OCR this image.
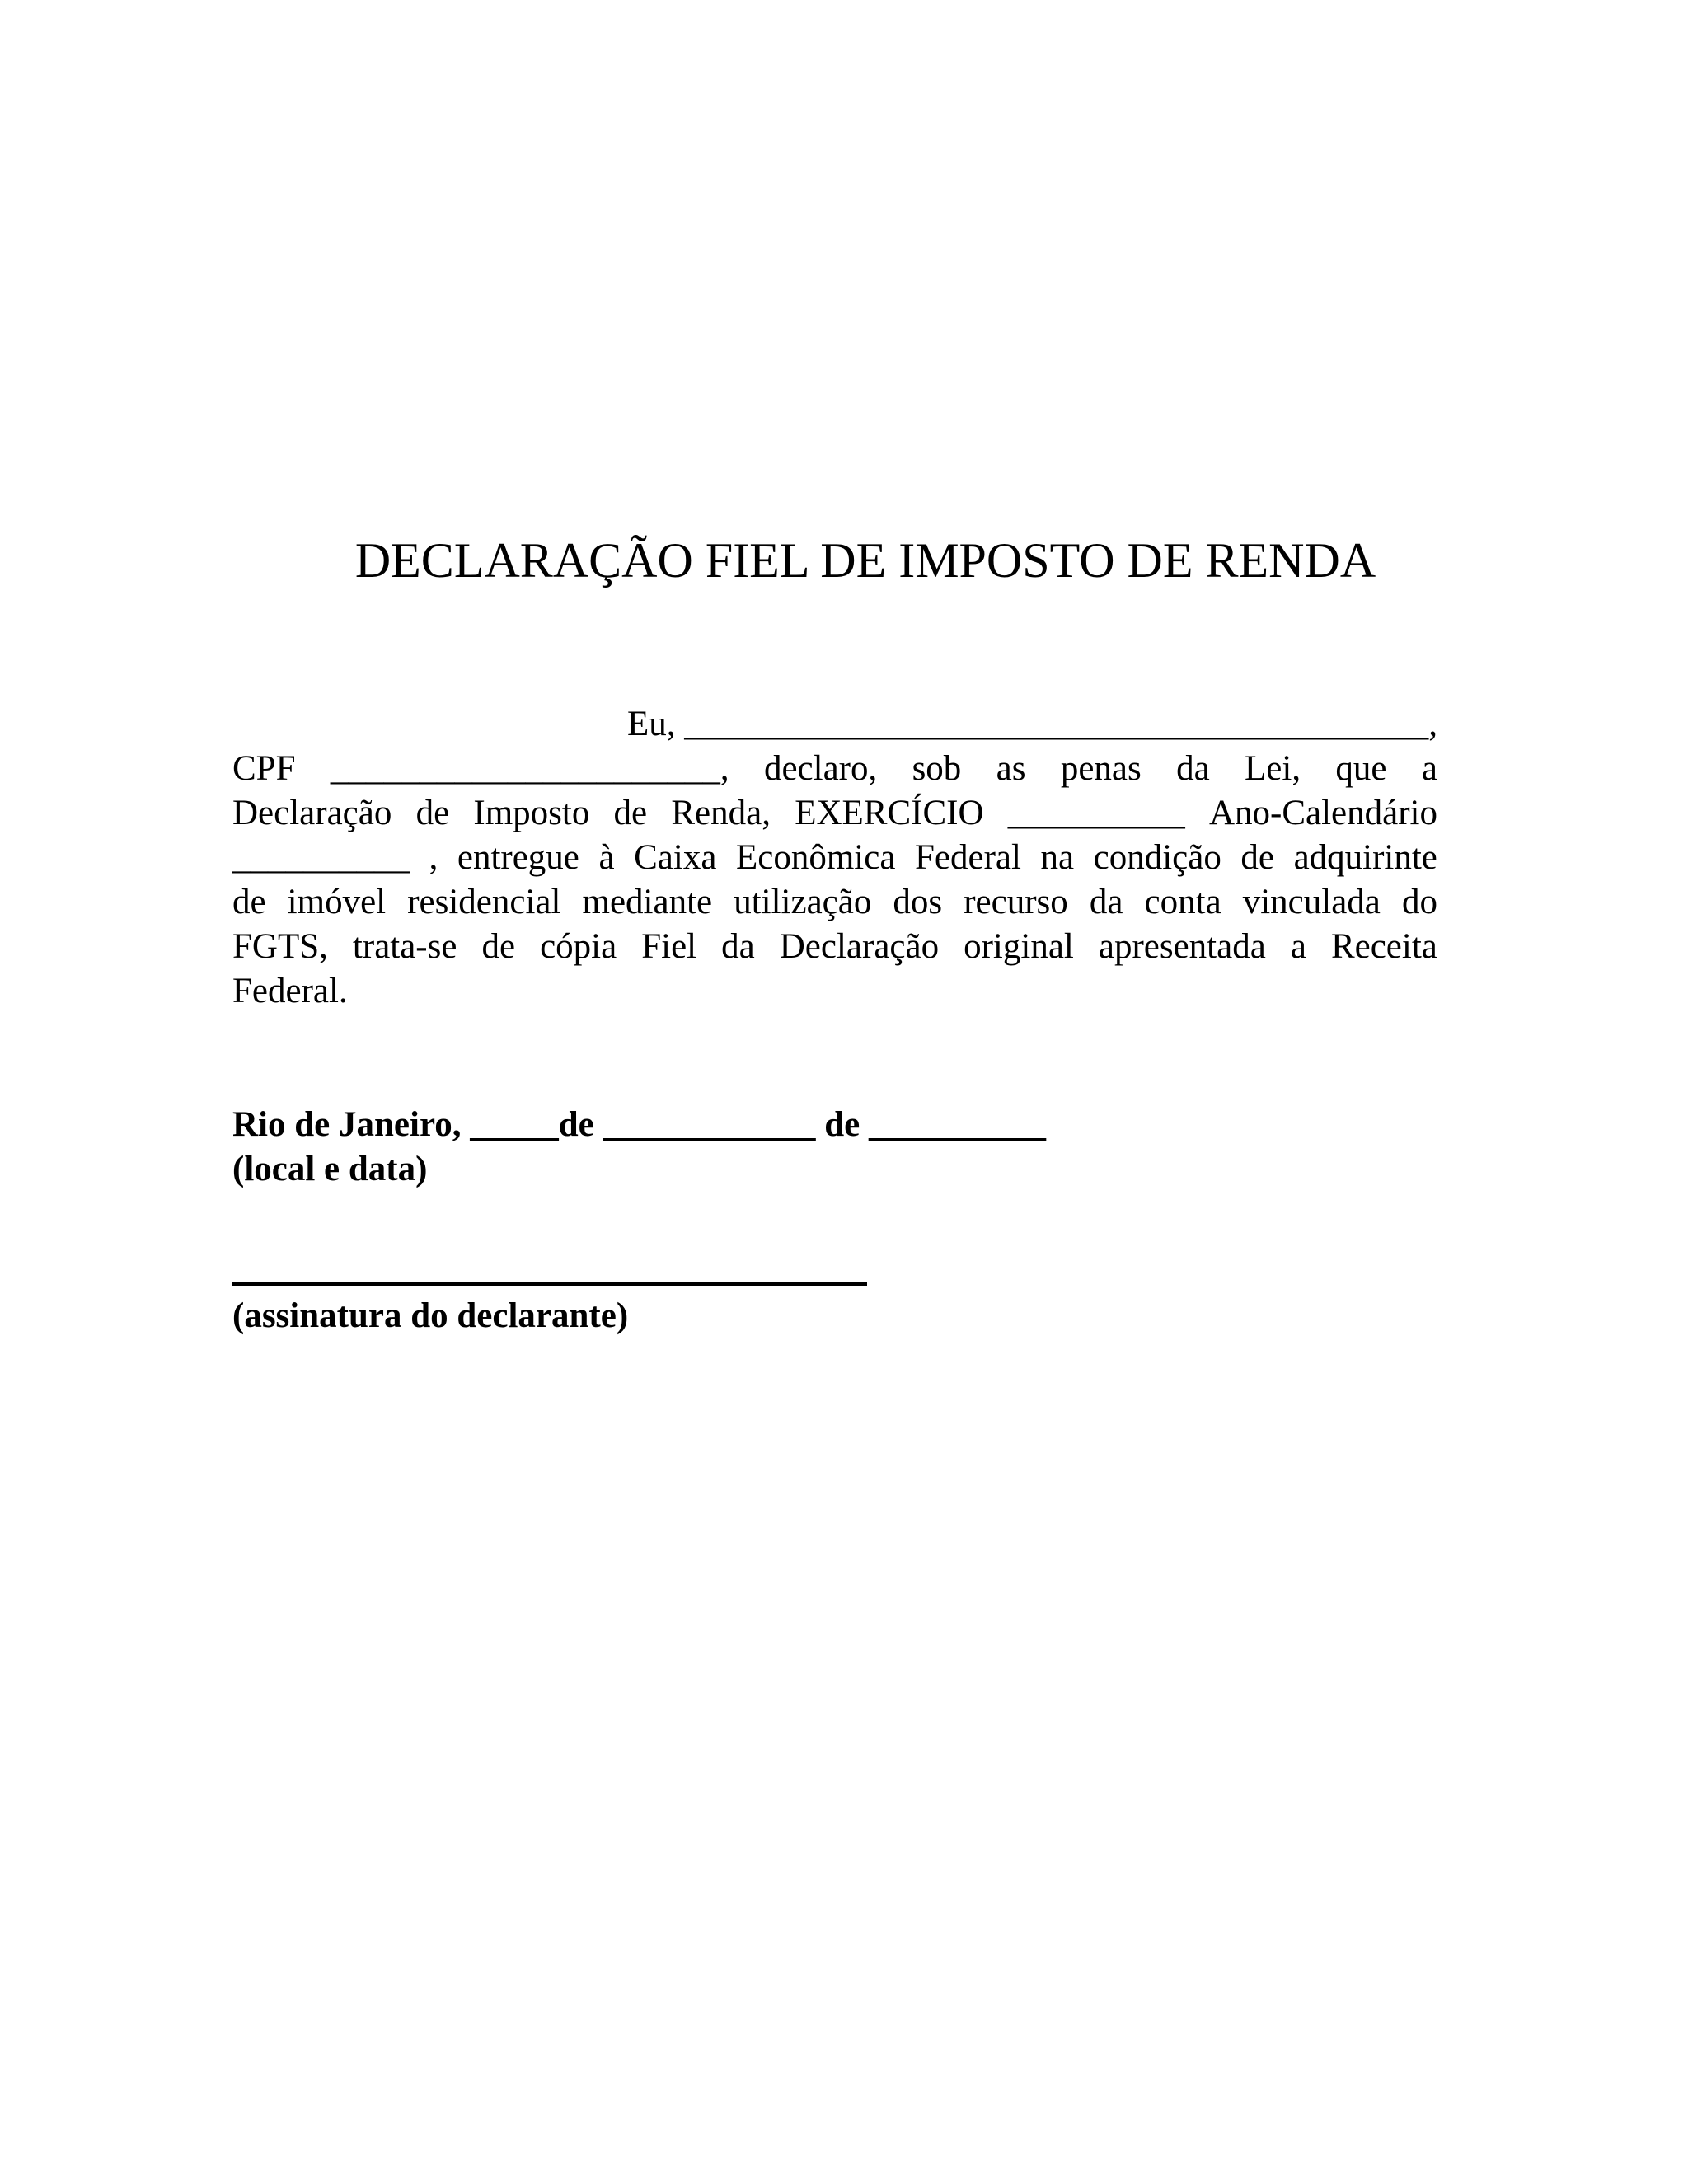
DECLARAÇÃO FIEL DE IMPOSTO DE RENDA
Eu, __________________________________________,
CPF ______________________, declaro, sob as penas da Lei, que a
Declaração de Imposto de Renda, EXERCÍCIO __________ Ano-Calendário
__________ , entregue à Caixa Econômica Federal na condição de adquirinte
de imóvel residencial mediante utilização dos recurso da conta vinculada do
FGTS, trata-se de cópia Fiel da Declaração original apresentada a Receita
Federal.
Rio de Janeiro, _____de ____________ de __________
(local e data)
(assinatura do declarante)
